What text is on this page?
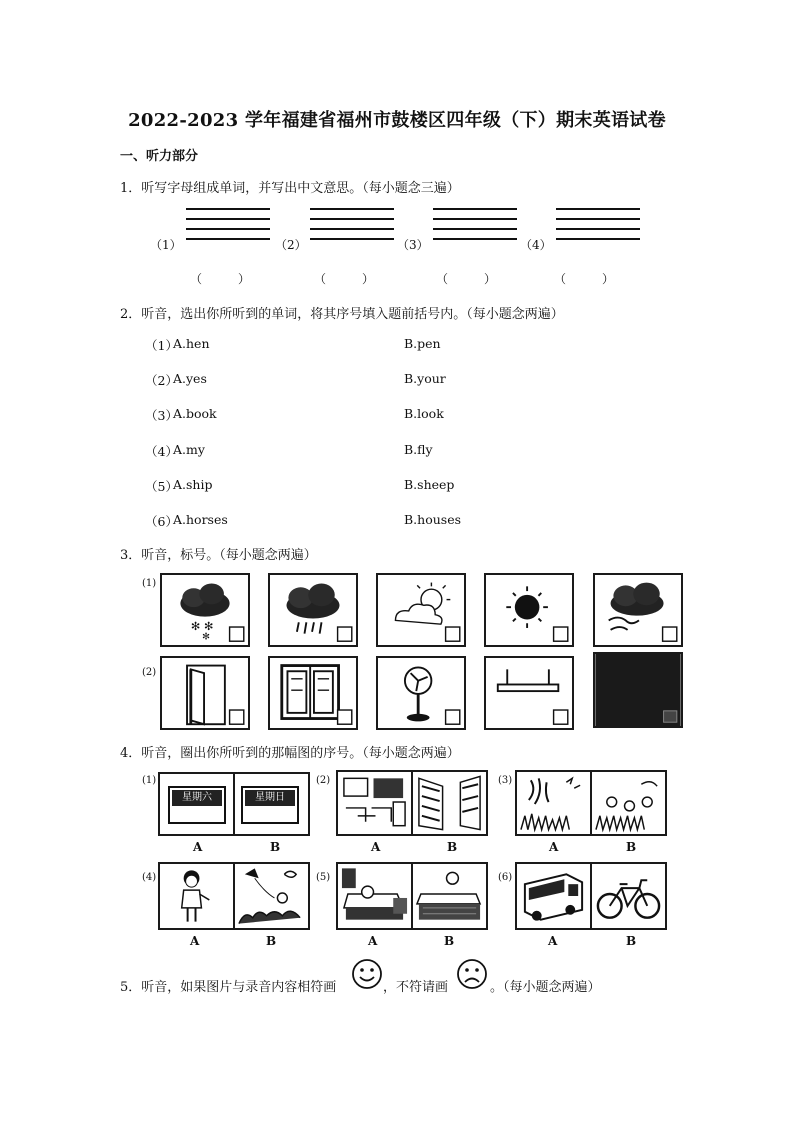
2022-2023 学年福建省福州市鼓楼区四年级（下）期末英语试卷
一、听力部分
1．听写字母组成单词，并写出中文意思。（每小题念三遍）
（1）	（2）	（3）	（4）
（　　　）	（　　　）	（　　　）	（　　　）
2．听音，选出你所听到的单词，将其序号填入题前括号内。（每小题念两遍）
（1）
A.hen	B.pen
（2）
A.yes	B.your
（3）
A.book	B.look
（4）
A.my	B.fly
（5）
A.ship	B.sheep
（6）
A.horses	B.houses
3．听音，标号。（每小题念两遍）
(1)
(2)
✻ ✻
✻
4．听音，圈出你所听到的那幅图的序号。（每小题念两遍）
(1)	(2)	(3)
(4)	(5)	(6)
星期六	星期日
A	B	A	B	A	B
A	B	A	B	A	B
5．听音，如果图片与录音内容相符画	，不符请画	。（每小题念两遍）
